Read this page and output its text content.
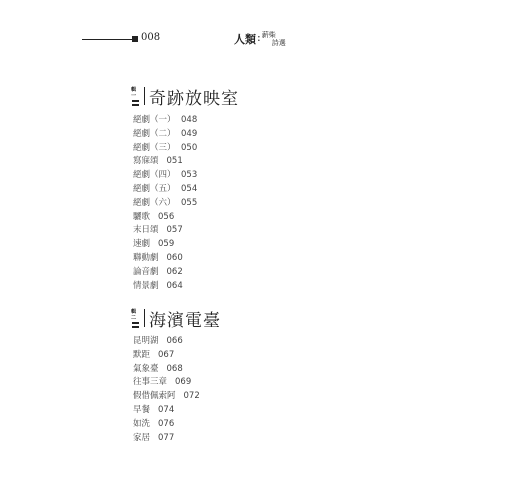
008	人類 : 薪柴
詩選
輯一 奇跡放映室
絕劇（一） 048
絕劇（二） 049
絕劇（三） 050
寫寐頌 051
絕劇（四） 053
絕劇（五） 054
絕劇（六） 055
驪歌 056
末日頌 057
速劇 059
聯動劇 060
論音劇 062
情景劇 064
輯二 海濱電臺
昆明湖 066
默距 067
氣象臺 068
往事三章 069
假借佩索阿 072
早餐 074
如洗 076
家居 077
